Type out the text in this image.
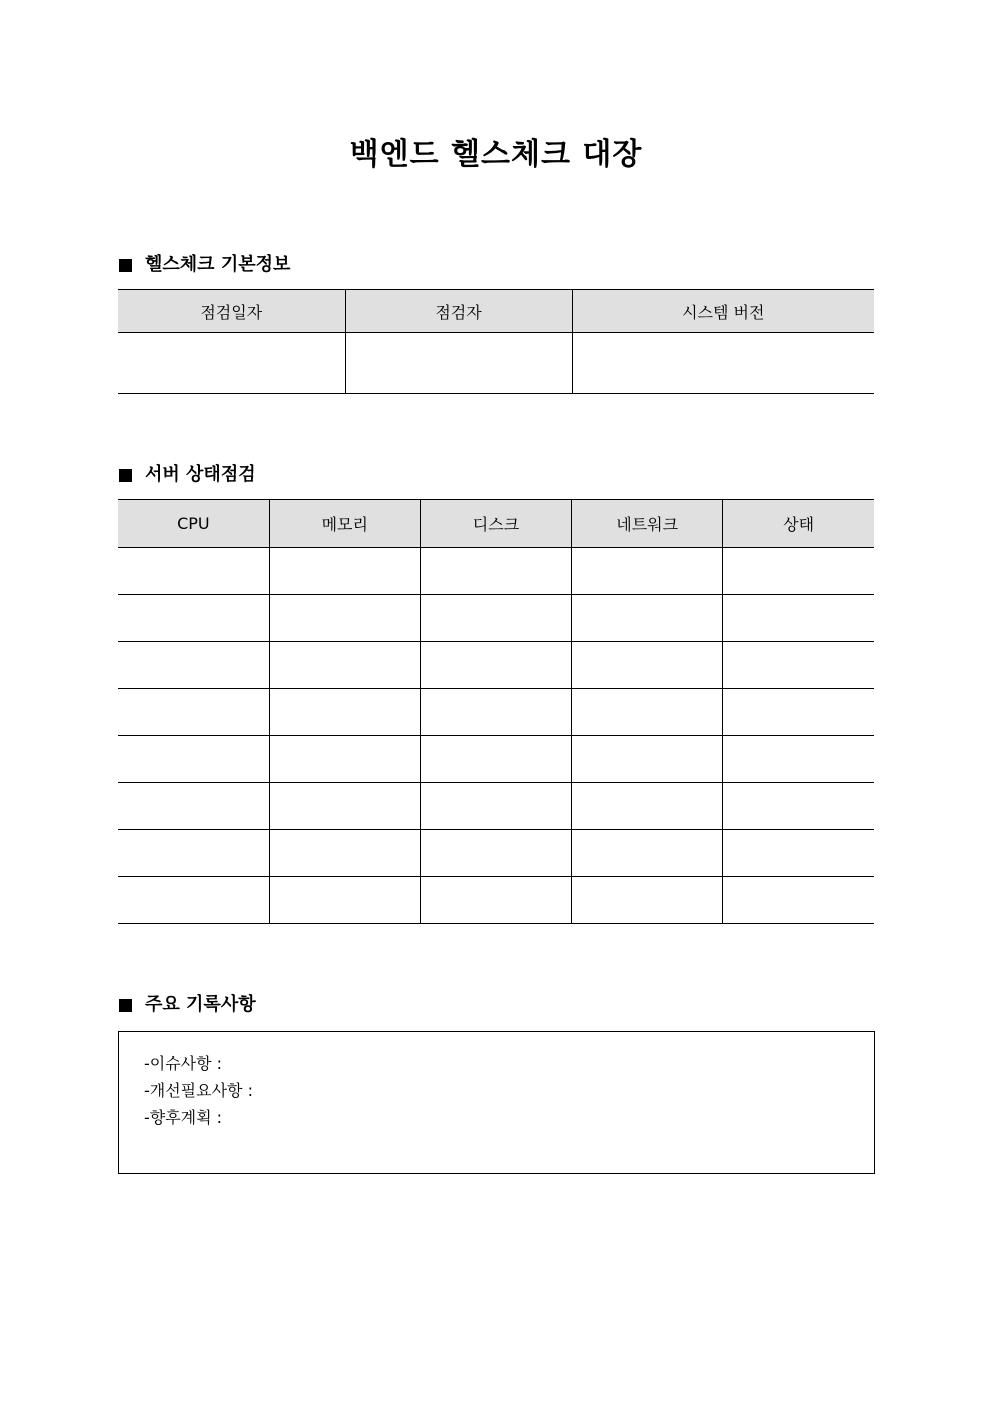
백엔드 헬스체크 대장
헬스체크 기본정보
점검일자	점검자	시스템 버전

서버 상태점검
CPU	메모리	디스크	네트워크	상태

주요 기록사항
-이슈사항 :
-개선필요사항 :
-향후계획 :
